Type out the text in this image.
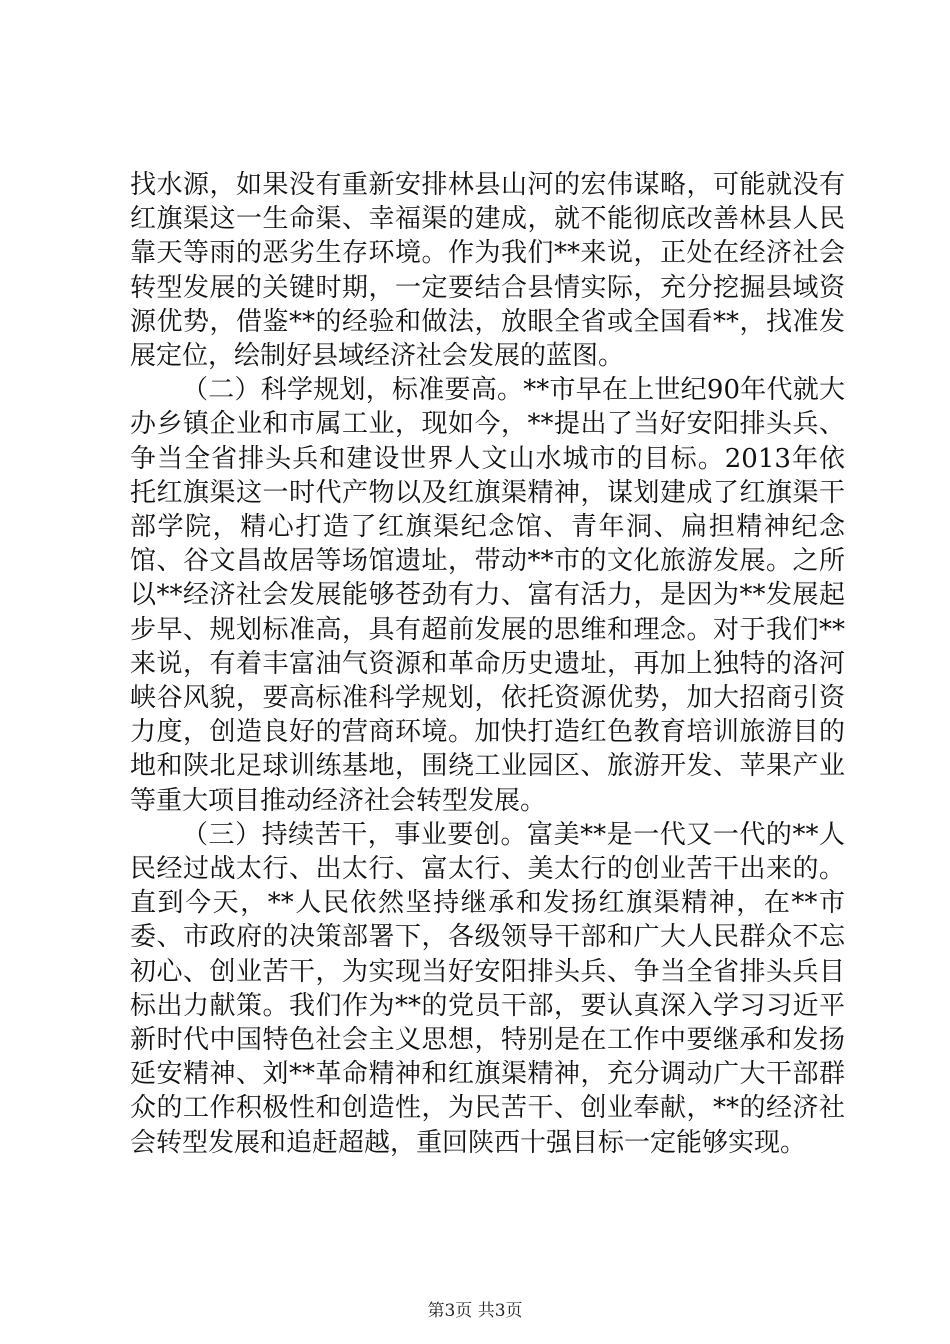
找水源，如果没有重新安排林县山河的宏伟谋略，可能就没有红旗渠这一生命渠、幸福渠的建成，就不能彻底改善林县人民靠天等雨的恶劣生存环境。作为我们**来说，正处在经济社会转型发展的关键时期，一定要结合县情实际，充分挖掘县域资源优势，借鉴**的经验和做法，放眼全省或全国看**，找准发展定位，绘制好县域经济社会发展的蓝图。

（二）科学规划，标准要高。**市早在上世纪90年代就大办乡镇企业和市属工业，现如今，**提出了当好安阳排头兵、争当全省排头兵和建设世界人文山水城市的目标。2013年依托红旗渠这一时代产物以及红旗渠精神，谋划建成了红旗渠干部学院，精心打造了红旗渠纪念馆、青年洞、扁担精神纪念馆、谷文昌故居等场馆遗址，带动**市的文化旅游发展。之所以**经济社会发展能够苍劲有力、富有活力，是因为**发展起步早、规划标准高，具有超前发展的思维和理念。对于我们**来说，有着丰富油气资源和革命历史遗址，再加上独特的洛河峡谷风貌，要高标准科学规划，依托资源优势，加大招商引资力度，创造良好的营商环境。加快打造红色教育培训旅游目的地和陕北足球训练基地，围绕工业园区、旅游开发、苹果产业等重大项目推动经济社会转型发展。

（三）持续苦干，事业要创。富美**是一代又一代的**人民经过战太行、出太行、富太行、美太行的创业苦干出来的。直到今天，**人民依然坚持继承和发扬红旗渠精神，在**市委、市政府的决策部署下，各级领导干部和广大人民群众不忘初心、创业苦干，为实现当好安阳排头兵、争当全省排头兵目标出力献策。我们作为**的党员干部，要认真深入学习习近平新时代中国特色社会主义思想，特别是在工作中要继承和发扬延安精神、刘**革命精神和红旗渠精神，充分调动广大干部群众的工作积极性和创造性，为民苦干、创业奉献，**的经济社会转型发展和追赶超越，重回陕西十强目标一定能够实现。

第3页 共3页
